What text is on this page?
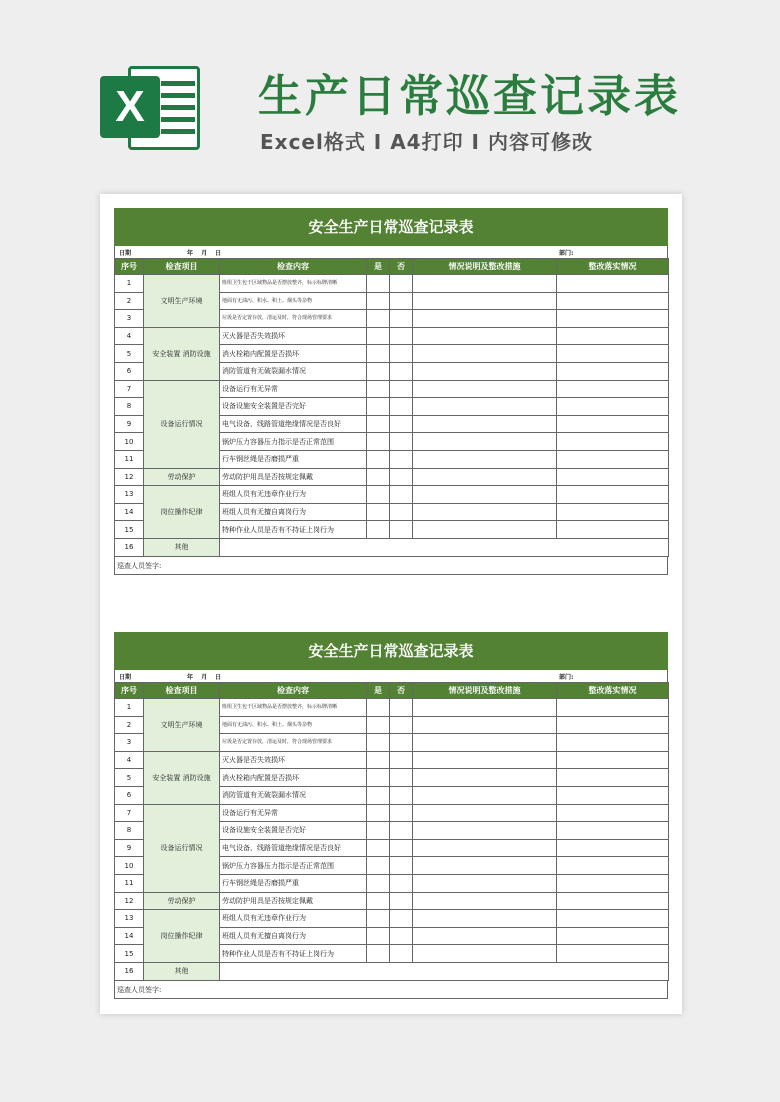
X	生产日常巡查记录表
Excel格式 I A4打印 I 内容可修改
安全生产日常巡查记录表
日期	年 月 日	部门:
序号	检查项目	检查内容	是	否	情况说明及整改措施	整改落实情况
1	文明生产环境	班组卫生包干区域物品是否摆放整齐，标示标牌清晰				
2		地面有无油污、积水、积土、烟头等杂物				
3		垃圾是否定置存放，清运及时，符合现场管理要求				
4	安全装置 消防设施	灭火器是否失效损坏				
5		消火栓箱内配置是否损坏				
6		消防管道有无破裂漏水情况				
7	设备运行情况	设备运行有无异常				
8		设备设施安全装置是否完好				
9		电气设备、线路管道绝缘情况是否良好				
10		锅炉压力容器压力指示是否正常范围				
11		行车钢丝绳是否磨损严重				
12	劳动保护	劳动防护用具是否按规定佩戴				
13	岗位操作纪律	班组人员有无违章作业行为				
14		班组人员有无擅自离岗行为				
15		特种作业人员是否有不持证上岗行为				
16	其他					
巡查人员签字:
安全生产日常巡查记录表
日期	年 月 日	部门:
序号	检查项目	检查内容	是	否	情况说明及整改措施	整改落实情况
1	文明生产环境	班组卫生包干区域物品是否摆放整齐，标示标牌清晰				
2		地面有无油污、积水、积土、烟头等杂物				
3		垃圾是否定置存放，清运及时，符合现场管理要求				
4	安全装置 消防设施	灭火器是否失效损坏				
5		消火栓箱内配置是否损坏				
6		消防管道有无破裂漏水情况				
7	设备运行情况	设备运行有无异常				
8		设备设施安全装置是否完好				
9		电气设备、线路管道绝缘情况是否良好				
10		锅炉压力容器压力指示是否正常范围				
11		行车钢丝绳是否磨损严重				
12	劳动保护	劳动防护用具是否按规定佩戴				
13	岗位操作纪律	班组人员有无违章作业行为				
14		班组人员有无擅自离岗行为				
15		特种作业人员是否有不持证上岗行为				
16	其他					
巡查人员签字:
